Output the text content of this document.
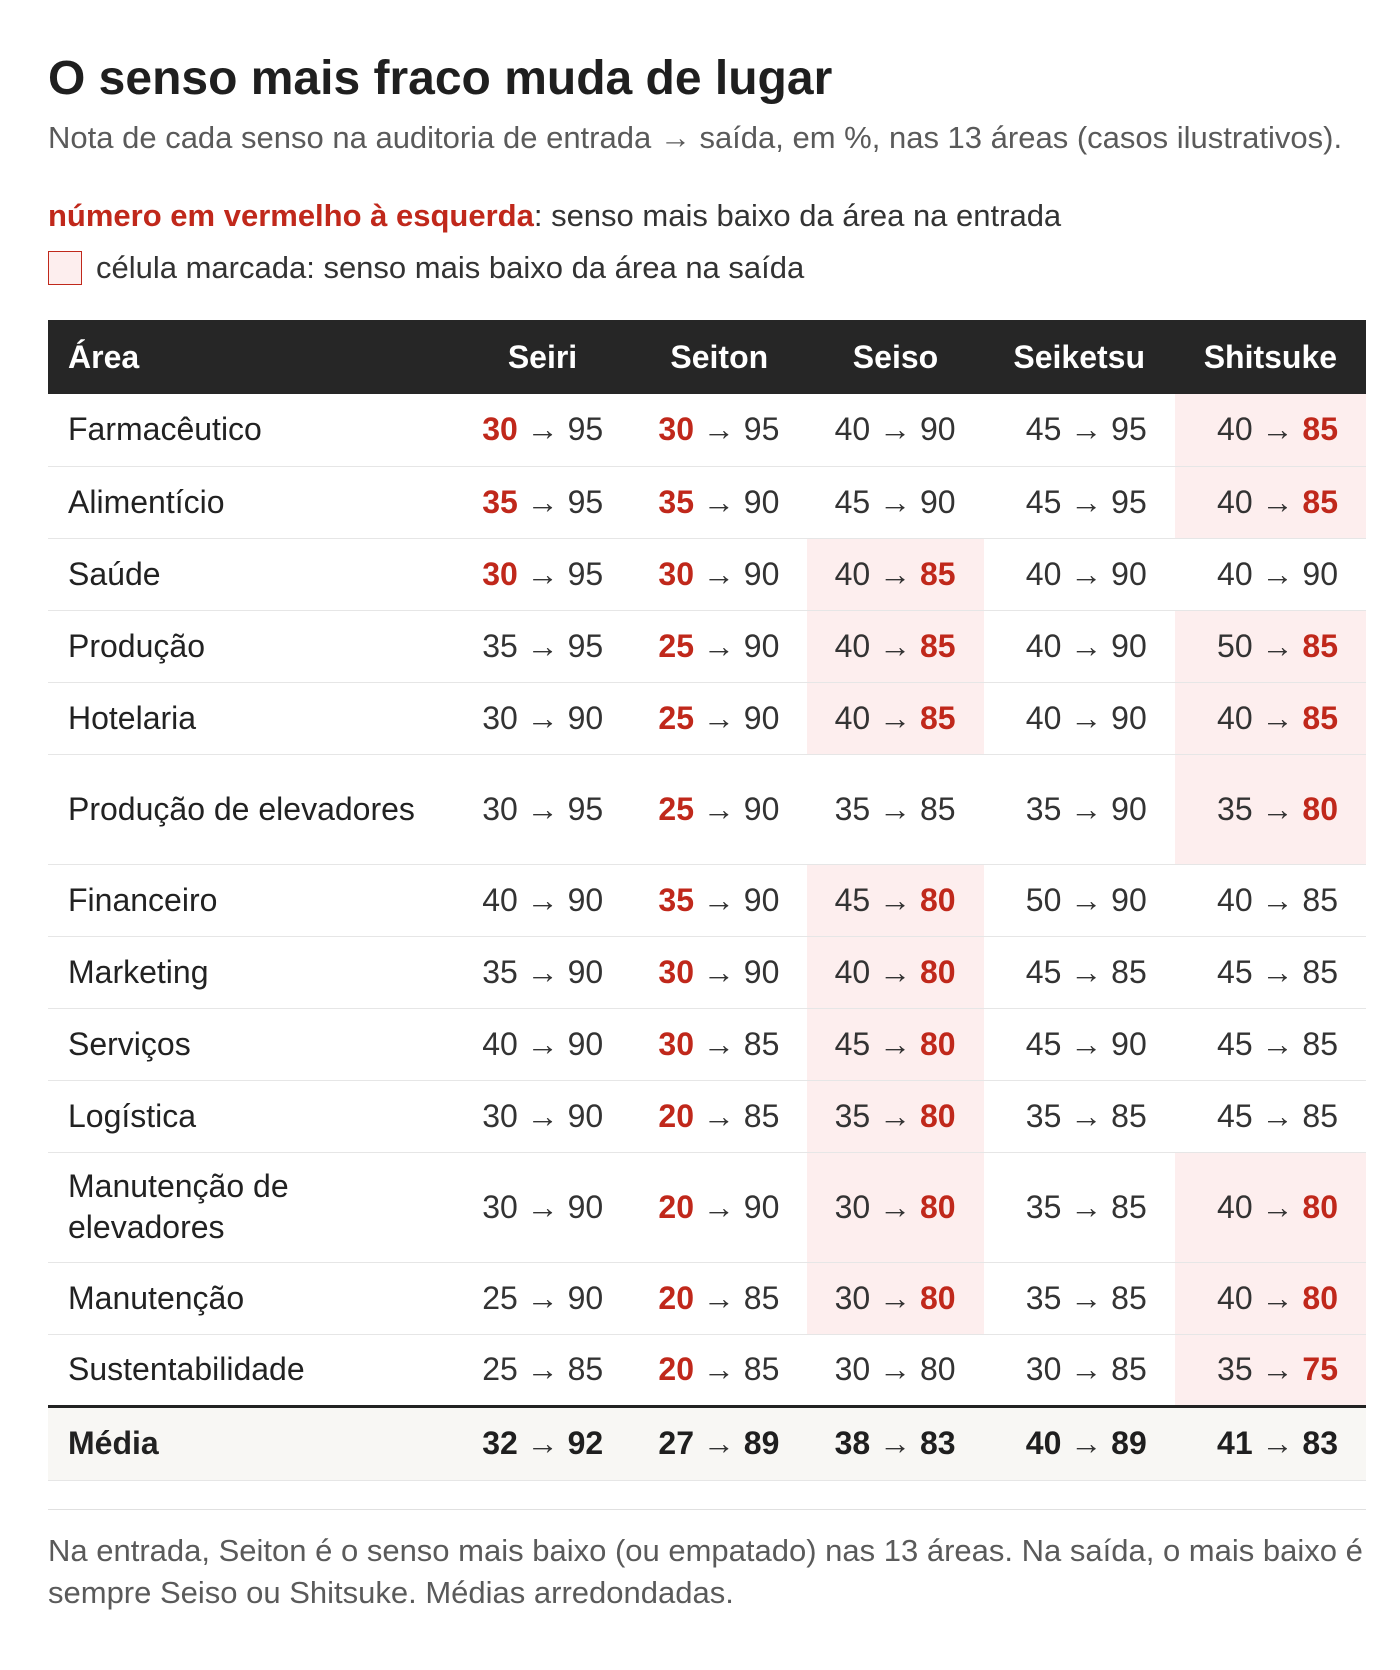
O senso mais fraco muda de lugar
Nota de cada senso na auditoria de entrada → saída, em %, nas 13 áreas (casos ilustrativos).
número em vermelho à esquerda: senso mais baixo da área na entrada
célula marcada: senso mais baixo da área na saída
Área	Seiri	Seiton	Seiso	Seiketsu	Shitsuke
Farmacêutico	30 → 95	30 → 95	40 → 90	45 → 95	40 → 85
Alimentício	35 → 95	35 → 90	45 → 90	45 → 95	40 → 85
Saúde	30 → 95	30 → 90	40 → 85	40 → 90	40 → 90
Produção	35 → 95	25 → 90	40 → 85	40 → 90	50 → 85
Hotelaria	30 → 90	25 → 90	40 → 85	40 → 90	40 → 85
Produção de elevadores	30 → 95	25 → 90	35 → 85	35 → 90	35 → 80
Financeiro	40 → 90	35 → 90	45 → 80	50 → 90	40 → 85
Marketing	35 → 90	30 → 90	40 → 80	45 → 85	45 → 85
Serviços	40 → 90	30 → 85	45 → 80	45 → 90	45 → 85
Logística	30 → 90	20 → 85	35 → 80	35 → 85	45 → 85
Manutenção de elevadores	30 → 90	20 → 90	30 → 80	35 → 85	40 → 80
Manutenção	25 → 90	20 → 85	30 → 80	35 → 85	40 → 80
Sustentabilidade	25 → 85	20 → 85	30 → 80	30 → 85	35 → 75
Média	32 → 92	27 → 89	38 → 83	40 → 89	41 → 83
Na entrada, Seiton é o senso mais baixo (ou empatado) nas 13 áreas. Na saída, o mais baixo é sempre Seiso ou Shitsuke. Médias arredondadas.
